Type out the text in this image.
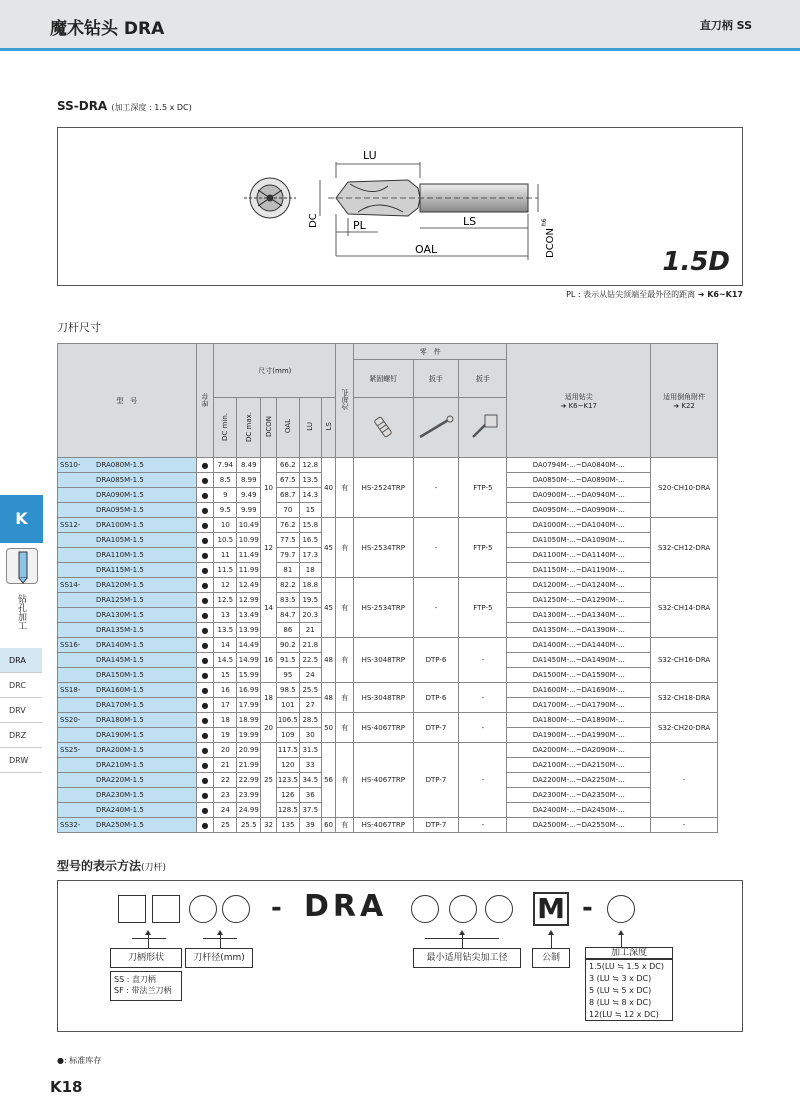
魔术钻头 DRA	直刀柄 SS
SS-DRA (加工深度 : 1.5 x DC)
LU
PL	LS
OAL
DC
DCON
h6
1.5D
PL : 表示从钻尖顶端至最外径的距离 ➜ K6~K17
刀杆尺寸
型　号	库存	尺寸(mm)						冷却孔	零　件			适用钻尖
➜ K6~K17	适用倒角附件
➜ K22
									紧固螺钉	扳手	扳手		
		DC min.	DC max.	DCON	OAL	LU	LS			
SS10- DRA080M-1.5	●	7.94	8.49	10	66.2	12.8	40	有	HS-2524TRP	-	FTP-5	DA0794M-...~DA0840M-...	S20-CH10-DRA
DRA085M-1.5	●	8.5	8.99		67.5	13.5						DA0850M-...~DA0890M-...	
DRA090M-1.5	●	9	9.49		68.7	14.3						DA0900M-...~DA0940M-...	
DRA095M-1.5	●	9.5	9.99		70	15						DA0950M-...~DA0990M-...	
SS12- DRA100M-1.5	●	10	10.49	12	76.2	15.8	45	有	HS-2534TRP	-	FTP-5	DA1000M-...~DA1040M-...	S32-CH12-DRA
DRA105M-1.5	●	10.5	10.99		77.5	16.5						DA1050M-...~DA1090M-...	
DRA110M-1.5	●	11	11.49		79.7	17.3						DA1100M-...~DA1140M-...	
DRA115M-1.5	●	11.5	11.99		81	18						DA1150M-...~DA1190M-...	
SS14- DRA120M-1.5	●	12	12.49	14	82.2	18.8	45	有	HS-2534TRP	-	FTP-5	DA1200M-...~DA1240M-...	S32-CH14-DRA
DRA125M-1.5	●	12.5	12.99		83.5	19.5						DA1250M-...~DA1290M-...	
DRA130M-1.5	●	13	13.49		84.7	20.3						DA1300M-...~DA1340M-...	
DRA135M-1.5	●	13.5	13.99		86	21						DA1350M-...~DA1390M-...	
SS16- DRA140M-1.5	●	14	14.49	16	90.2	21.8	48	有	HS-3048TRP	DTP-6	-	DA1400M-...~DA1440M-...	S32-CH16-DRA
DRA145M-1.5	●	14.5	14.99		91.5	22.5						DA1450M-...~DA1490M-...	
DRA150M-1.5	●	15	15.99		95	24						DA1500M-...~DA1590M-...	
SS18- DRA160M-1.5	●	16	16.99	18	98.5	25.5	48	有	HS-3048TRP	DTP-6	-	DA1600M-...~DA1690M-...	S32-CH18-DRA
DRA170M-1.5	●	17	17.99		101	27						DA1700M-...~DA1790M-...	
SS20- DRA180M-1.5	●	18	18.99	20	106.5	28.5	50	有	HS-4067TRP	DTP-7	-	DA1800M-...~DA1890M-...	S32-CH20-DRA
DRA190M-1.5	●	19	19.99		109	30						DA1900M-...~DA1990M-...	
SS25- DRA200M-1.5	●	20	20.99	25	117.5	31.5	56	有	HS-4067TRP	DTP-7	-	DA2000M-...~DA2090M-...	-
DRA210M-1.5	●	21	21.99		120	33						DA2100M-...~DA2150M-...	
DRA220M-1.5	●	22	22.99		123.5	34.5						DA2200M-...~DA2250M-...	
DRA230M-1.5	●	23	23.99		126	36						DA2300M-...~DA2350M-...	
DRA240M-1.5	●	24	24.99		128.5	37.5						DA2400M-...~DA2450M-...	
SS32- DRA250M-1.5	●	25	25.5	32	135	39	60	有	HS-4067TRP	DTP-7	-	DA2500M-...~DA2550M-...	-
K
钻孔加工
DRA
DRC
DRV
DRZ
DRW
型号的表示方法(刀杆)
- DRA	M -
刀柄形状
SS : 直刀柄
SF : 带法兰刀柄
刀杆径(mm)	最小适用钻尖加工径	公制	加工深度
1.5(LU ≒ 1.5 x DC)
3 (LU ≒ 3 x DC)
5 (LU ≒ 5 x DC)
8 (LU ≒ 8 x DC)
12(LU ≒ 12 x DC)
●: 标准库存
K18
